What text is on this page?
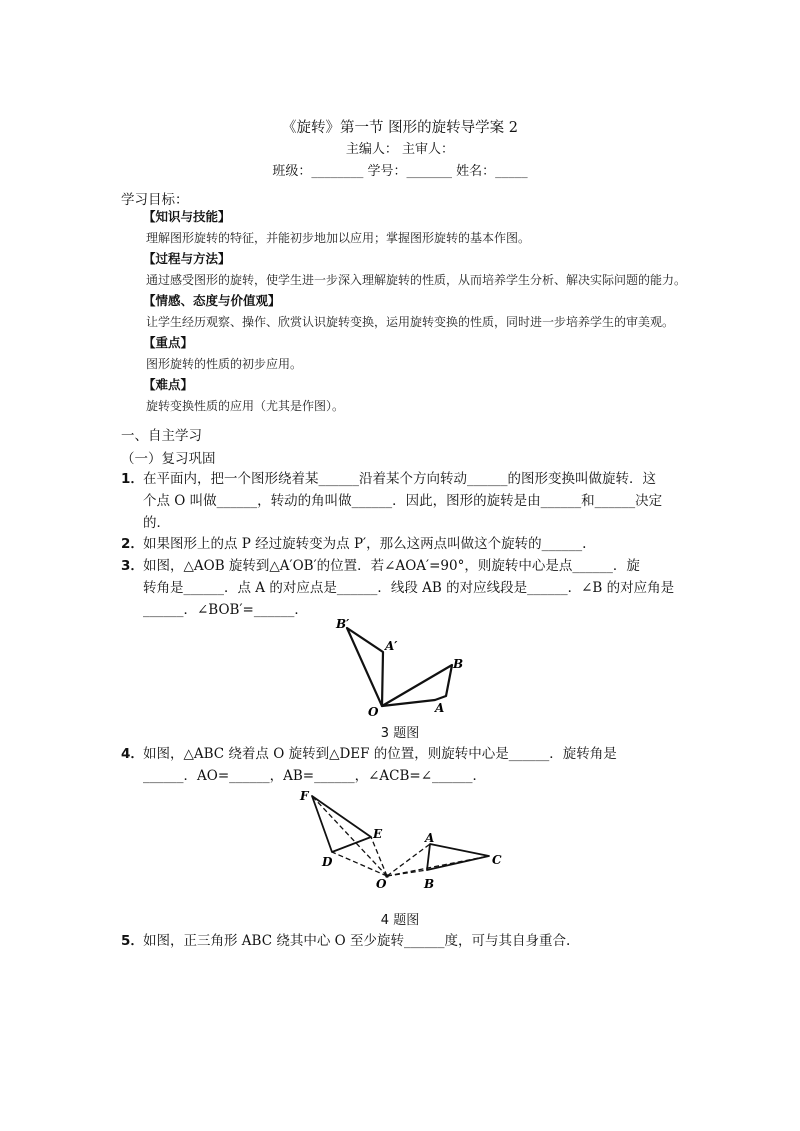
《旋转》第一节 图形的旋转导学案 2
主编人： 主审人：
班级：________ 学号：_______ 姓名：_____
学习目标：
【知识与技能】
理解图形旋转的特征，并能初步地加以应用；掌握图形旋转的基本作图。
【过程与方法】
通过感受图形的旋转，使学生进一步深入理解旋转的性质，从而培养学生分析、解决实际问题的能力。
【情感、态度与价值观】
让学生经历观察、操作、欣赏认识旋转变换，运用旋转变换的性质，同时进一步培养学生的审美观。
【重点】
图形旋转的性质的初步应用。
【难点】
旋转变换性质的应用（尤其是作图）。
一、自主学习
（一）复习巩固
1． 在平面内，把一个图形绕着某______沿着某个方向转动______的图形变换叫做旋转．这
个点 O 叫做______，转动的角叫做______．因此，图形的旋转是由______和______决定
的．
2． 如果图形上的点 P 经过旋转变为点 P′，那么这两点叫做这个旋转的______.
3． 如图，△AOB 旋转到△A′OB′的位置．若∠AOA′=90°，则旋转中心是点______．旋
转角是______．点 A 的对应点是______．线段 AB 的对应线段是______．∠B 的对应角是
______．∠BOB′=______．
B′
A′
B
O	A
3 题图
4． 如图，△ABC 绕着点 O 旋转到△DEF 的位置，则旋转中心是______．旋转角是
______．AO=______，AB=______，∠ACB=∠______．
F
E
D
O
A
B
C
4 题图
5． 如图，正三角形 ABC 绕其中心 O 至少旋转______度，可与其自身重合.
